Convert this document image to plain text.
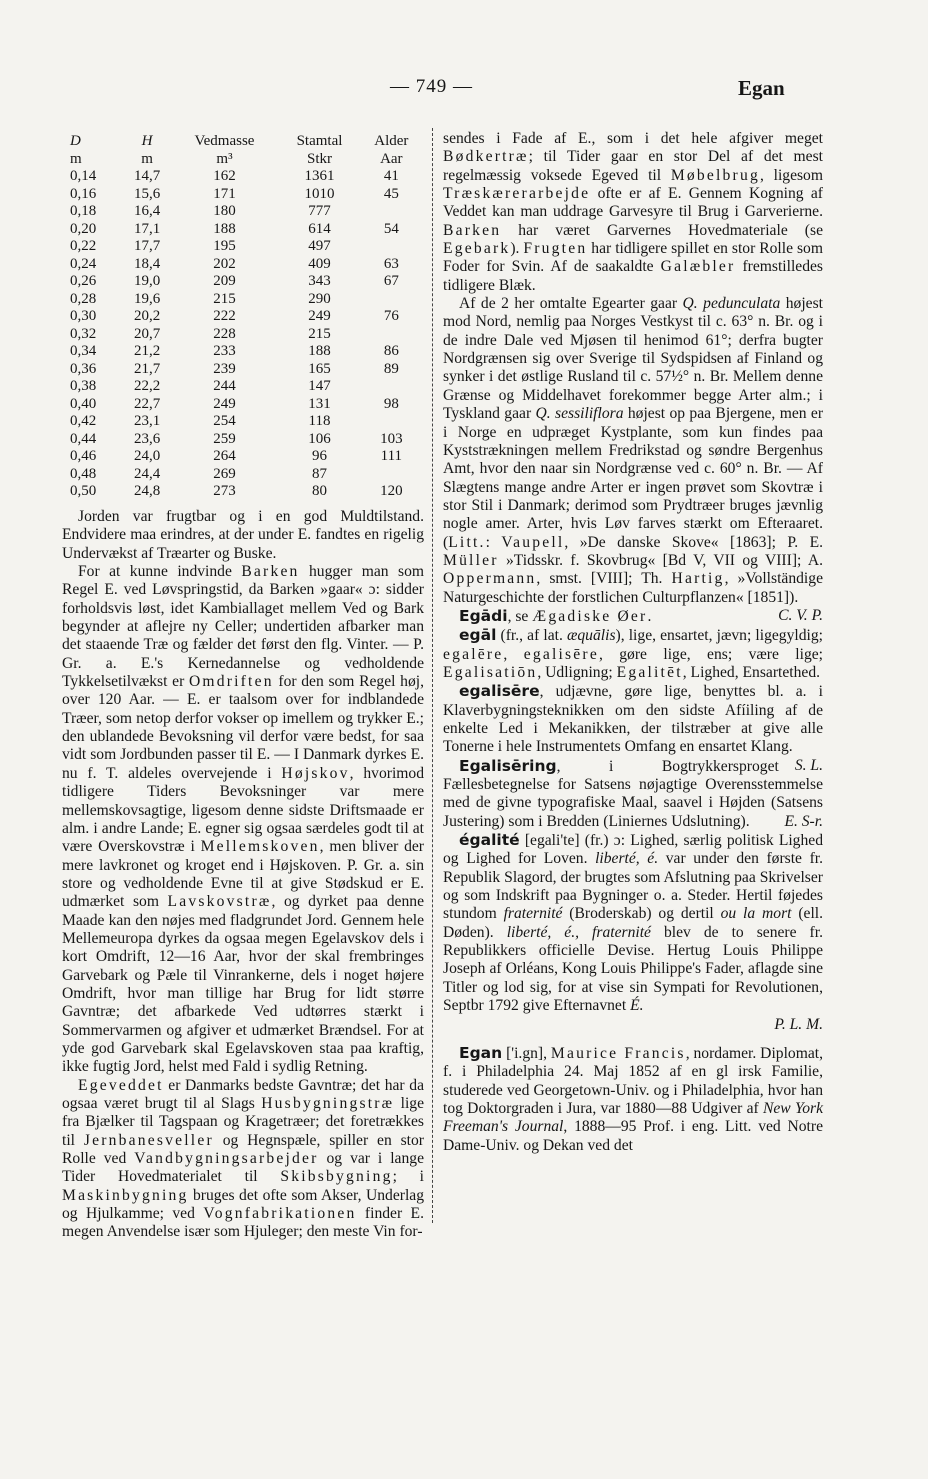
— 749 —	Egan
D	H	Vedmasse	Stamtal	Alder
m	m	m³	Stkr	Aar
0,14	14,7	162	1361	41
0,16	15,6	171	1010	45
0,18	16,4	180	777	
0,20	17,1	188	614	54
0,22	17,7	195	497	
0,24	18,4	202	409	63
0,26	19,0	209	343	67
0,28	19,6	215	290	
0,30	20,2	222	249	76
0,32	20,7	228	215	
0,34	21,2	233	188	86
0,36	21,7	239	165	89
0,38	22,2	244	147	
0,40	22,7	249	131	98
0,42	23,1	254	118	
0,44	23,6	259	106	103
0,46	24,0	264	96	111
0,48	24,4	269	87	
0,50	24,8	273	80	120

Jorden var frugtbar og i en god Muldtilstand. Endvidere maa erindres, at der under E. fandtes en rigelig Undervækst af Træarter og Buske.

For at kunne indvinde Barken hugger man som Regel E. ved Løvspringstid, da Barken »gaar« ɔ: sidder forholdsvis løst, idet Kambiallaget mellem Ved og Bark begynder at aflejre ny Celler; undertiden afbarker man det staaende Træ og fælder det først den flg. Vinter. — P. Gr. a. E.'s Kernedannelse og vedholdende Tykkelsetilvækst er Omdriften for den som Regel høj, over 120 Aar. — E. er taalsom over for indblandede Træer, som netop derfor vokser op imellem og trykker E.; den ublandede Bevoksning vil derfor være bedst, for saa vidt som Jordbunden passer til E. — I Danmark dyrkes E. nu f. T. aldeles overvejende i Højskov, hvorimod tidligere Tiders Bevoksninger var mere mellemskovsagtige, ligesom denne sidste Driftsmaade er alm. i andre Lande; E. egner sig ogsaa særdeles godt til at være Overskovstræ i Mellemskoven, men bliver der mere lavkronet og kroget end i Højskoven. P. Gr. a. sin store og vedholdende Evne til at give Stødskud er E. udmærket som Lavskovstræ, og dyrket paa denne Maade kan den nøjes med fladgrundet Jord. Gennem hele Mellemeuropa dyrkes da ogsaa megen Egelavskov dels i kort Omdrift, 12—16 Aar, hvor der skal frembringes Garvebark og Pæle til Vinrankerne, dels i noget højere Omdrift, hvor man tillige har Brug for lidt større Gavntræ; det afbarkede Ved udtørres stærkt i Sommervarmen og afgiver et udmærket Brændsel. For at yde god Garvebark skal Egelavskoven staa paa kraftig, ikke fugtig Jord, helst med Fald i sydlig Retning.

Egeveddet er Danmarks bedste Gavntræ; det har da ogsaa været brugt til al Slags Husbygningstræ lige fra Bjælker til Tagspaan og Kragetræer; det foretrækkes til Jernbanesveller og Hegnspæle, spiller en stor Rolle ved Vandbygningsarbejder og var i lange Tider Hovedmaterialet til Skibsbygning; i Maskinbygning bruges det ofte som Akser, Underlag og Hjulkamme; ved Vognfabrikationen finder E. megen Anvendelse især som Hjuleger; den meste Vin for-

sendes i Fade af E., som i det hele afgiver meget Bødkertræ; til Tider gaar en stor Del af det mest regelmæssig voksede Egeved til Møbelbrug, ligesom Træskærerarbejde ofte er af E. Gennem Kogning af Veddet kan man uddrage Garvesyre til Brug i Garverierne. Barken har været Garvernes Hovedmateriale (se Egebark). Frugten har tidligere spillet en stor Rolle som Foder for Svin. Af de saakaldte Galæbler fremstilledes tidligere Blæk.

Af de 2 her omtalte Egearter gaar Q. pedunculata højest mod Nord, nemlig paa Norges Vestkyst til c. 63° n. Br. og i de indre Dale ved Mjøsen til henimod 61°; derfra bugter Nordgrænsen sig over Sverige til Sydspidsen af Finland og synker i det østlige Rusland til c. 57½° n. Br. Mellem denne Grænse og Middelhavet forekommer begge Arter alm.; i Tyskland gaar Q. sessiliflora højest op paa Bjergene, men er i Norge en udpræget Kystplante, som kun findes paa Kyststrækningen mellem Fredrikstad og søndre Bergenhus Amt, hvor den naar sin Nordgrænse ved c. 60° n. Br. — Af Slægtens mange andre Arter er ingen prøvet som Skovtræ i stor Stil i Danmark; derimod som Prydtræer bruges jævnlig nogle amer. Arter, hvis Løv farves stærkt om Efteraaret. (Litt.: Vaupell, »De danske Skove« [1863]; P. E. Müller »Tidsskr. f. Skovbrug« [Bd V, VII og VIII]; A. Oppermann, smst. [VIII]; Th. Hartig, »Vollständige Naturgeschichte der forstlichen Culturpflanzen« [1851]).
C. V. P.

Egādi, se Ægadiske Øer.

egāl (fr., af lat. æquālis), lige, ensartet, jævn; ligegyldig; egalēre, egalisēre, gøre lige, ens; være lige; Egalisatiōn, Udligning; Egalitēt, Lighed, Ensartethed.

egalisēre, udjævne, gøre lige, benyttes bl. a. i Klaverbygningsteknikken om den sidste Afíiling af de enkelte Led i Mekanikken, der tilstræber at give alle Tonerne i hele Instrumentets Omfang en ensartet Klang.
S. L.

Egalisēring, i Bogtrykkersproget Fællesbetegnelse for Satsens nøjagtige Overensstemmelse med de givne typografiske Maal, saavel i Højden (Satsens Justering) som i Bredden (Liniernes Udslutning).	E. S-r.

égalité [egali'te] (fr.) ɔ: Lighed, særlig politisk Lighed og Lighed for Loven. liberté, é. var under den første fr. Republik Slagord, der brugtes som Afslutning paa Skrivelser og som Indskrift paa Bygninger o. a. Steder. Hertil føjedes stundom fraternité (Broderskab) og dertil ou la mort (ell. Døden). liberté, é., fraternité blev de to senere fr. Republikkers officielle Devise. Hertug Louis Philippe Joseph af Orléans, Kong Louis Philippe's Fader, aflagde sine Titler og lod sig, for at vise sin Sympati for Revolutionen, Septbr 1792 give Efternavnet É.
P. L. M.

Egan ['i.gn], Maurice Francis, nordamer. Diplomat, f. i Philadelphia 24. Maj 1852 af en gl irsk Familie, studerede ved Georgetown-Univ. og i Philadelphia, hvor han tog Doktorgraden i Jura, var 1880—88 Udgiver af New York Freeman's Journal, 1888—95 Prof. i eng. Litt. ved Notre Dame-Univ. og Dekan ved det
